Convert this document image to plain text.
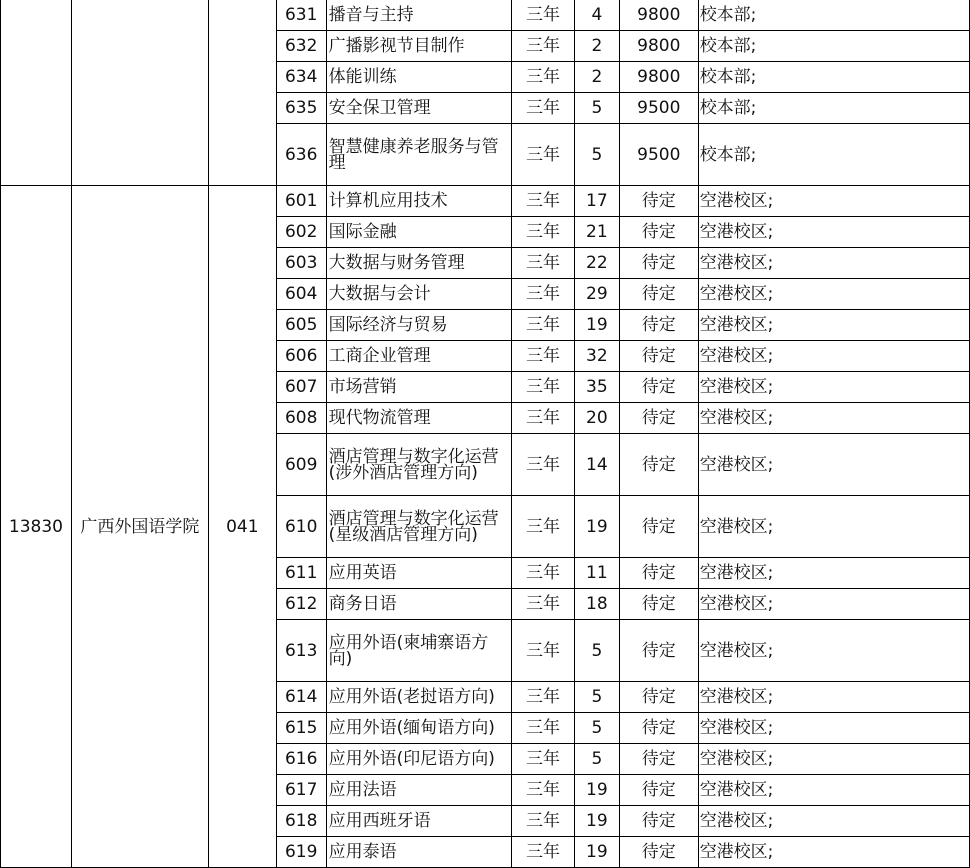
			631	播音与主持	三年	4	9800	校本部;
			632	广播影视节目制作	三年	2	9800	校本部;
			634	体能训练	三年	2	9800	校本部;
			635	安全保卫管理	三年	5	9500	校本部;
			636	智慧健康养老服务与管理	三年	5	9500	校本部;
13830	广西外国语学院	041	601	计算机应用技术	三年	17	待定	空港校区;
			602	国际金融	三年	21	待定	空港校区;
			603	大数据与财务管理	三年	22	待定	空港校区;
			604	大数据与会计	三年	29	待定	空港校区;
			605	国际经济与贸易	三年	19	待定	空港校区;
			606	工商企业管理	三年	32	待定	空港校区;
			607	市场营销	三年	35	待定	空港校区;
			608	现代物流管理	三年	20	待定	空港校区;
			609	酒店管理与数字化运营(涉外酒店管理方向)	三年	14	待定	空港校区;
			610	酒店管理与数字化运营(星级酒店管理方向)	三年	19	待定	空港校区;
			611	应用英语	三年	11	待定	空港校区;
			612	商务日语	三年	18	待定	空港校区;
			613	应用外语(柬埔寨语方向)	三年	5	待定	空港校区;
			614	应用外语(老挝语方向)	三年	5	待定	空港校区;
			615	应用外语(缅甸语方向)	三年	5	待定	空港校区;
			616	应用外语(印尼语方向)	三年	5	待定	空港校区;
			617	应用法语	三年	19	待定	空港校区;
			618	应用西班牙语	三年	19	待定	空港校区;
			619	应用泰语	三年	19	待定	空港校区;
